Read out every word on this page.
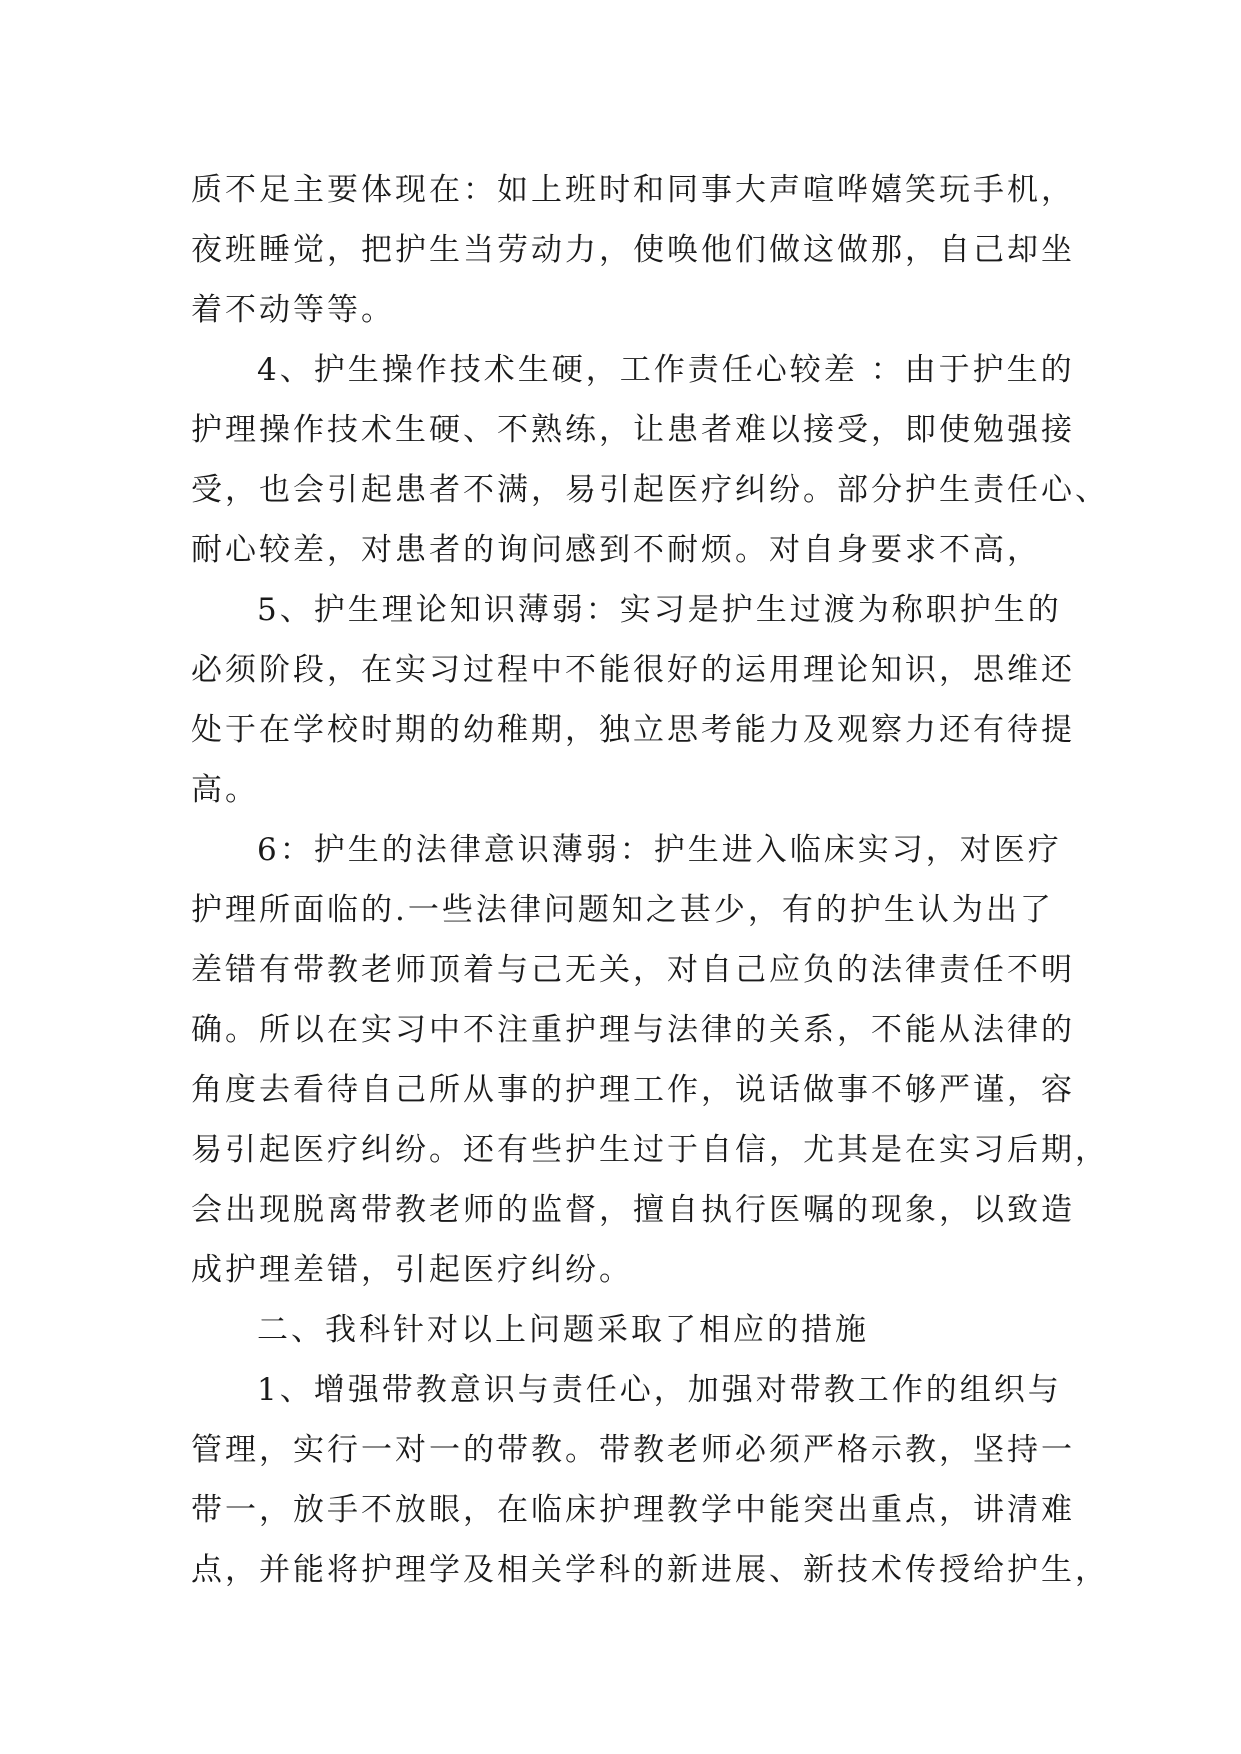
质不足主要体现在：如上班时和同事大声喧哗嬉笑玩手机，
夜班睡觉，把护生当劳动力，使唤他们做这做那，自己却坐
着不动等等。

4、护生操作技术生硬，工作责任心较差 ：由于护生的
护理操作技术生硬、不熟练，让患者难以接受，即使勉强接
受，也会引起患者不满，易引起医疗纠纷。部分护生责任心、
耐心较差，对患者的询问感到不耐烦。对自身要求不高，

5、护生理论知识薄弱：实习是护生过渡为称职护生的
必须阶段，在实习过程中不能很好的运用理论知识，思维还
处于在学校时期的幼稚期，独立思考能力及观察力还有待提
高。

6：护生的法律意识薄弱：护生进入临床实习，对医疗
护理所面临的.一些法律问题知之甚少，有的护生认为出了
差错有带教老师顶着与己无关，对自己应负的法律责任不明
确。所以在实习中不注重护理与法律的关系，不能从法律的
角度去看待自己所从事的护理工作，说话做事不够严谨，容
易引起医疗纠纷。还有些护生过于自信，尤其是在实习后期，
会出现脱离带教老师的监督，擅自执行医嘱的现象，以致造
成护理差错，引起医疗纠纷。

二、我科针对以上问题采取了相应的措施

1、增强带教意识与责任心，加强对带教工作的组织与
管理，实行一对一的带教。带教老师必须严格示教，坚持一
带一，放手不放眼，在临床护理教学中能突出重点，讲清难
点，并能将护理学及相关学科的新进展、新技术传授给护生，
